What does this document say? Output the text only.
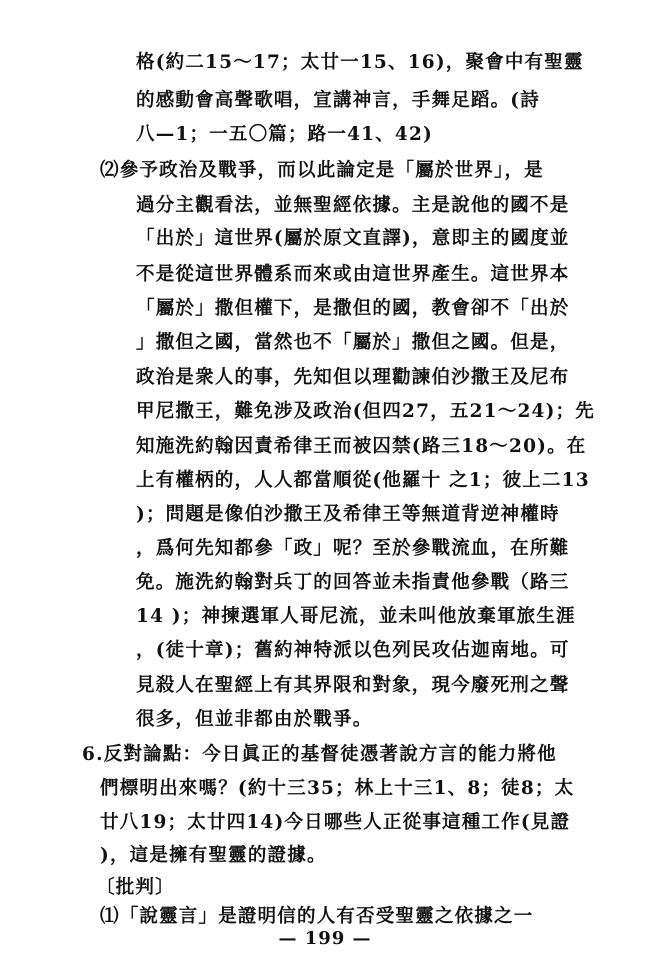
格(約二15～17；太廿一15、16)，聚會中有聖靈
的感動會高聲歌唱，宣講神言，手舞足蹈。(詩
八—1；一五〇篇；路一41、42)
⑵參予政治及戰爭，而以此論定是「屬於世界」，是
過分主觀看法，並無聖經依據。主是說他的國不是
「出於」這世界(屬於原文直譯)，意即主的國度並
不是從這世界體系而來或由這世界產生。這世界本
「屬於」撒但權下，是撒但的國，教會卻不「出於
」撒但之國，當然也不「屬於」撒但之國。但是，
政治是衆人的事，先知但以理勸諫伯沙撒王及尼布
甲尼撒王，難免涉及政治(但四27，五21～24)；先
知施洗約翰因責希律王而被囚禁(路三18～20)。在
上有權柄的，人人都當順從(他羅十 之1；彼上二13
)；問題是像伯沙撒王及希律王等無道背逆神權時
，爲何先知都參「政」呢？至於參戰流血，在所難
免。施洗約翰對兵丁的回答並未指責他參戰（路三
14 )；神揀選軍人哥尼流，並未叫他放棄軍旅生涯
，(徒十章)；舊約神特派以色列民攻佔迦南地。可
見殺人在聖經上有其界限和對象，現今廢死刑之聲
很多，但並非都由於戰爭。
6.反對論點：今日眞正的基督徒憑著說方言的能力將他
們標明出來嗎？(約十三35；林上十三1、8；徒8；太
廿八19；太廿四14)今日哪些人正從事這種工作(見證
)，這是擁有聖靈的證據。
〔批判〕
⑴「說靈言」是證明信的人有否受聖靈之依據之一
— 199 —
